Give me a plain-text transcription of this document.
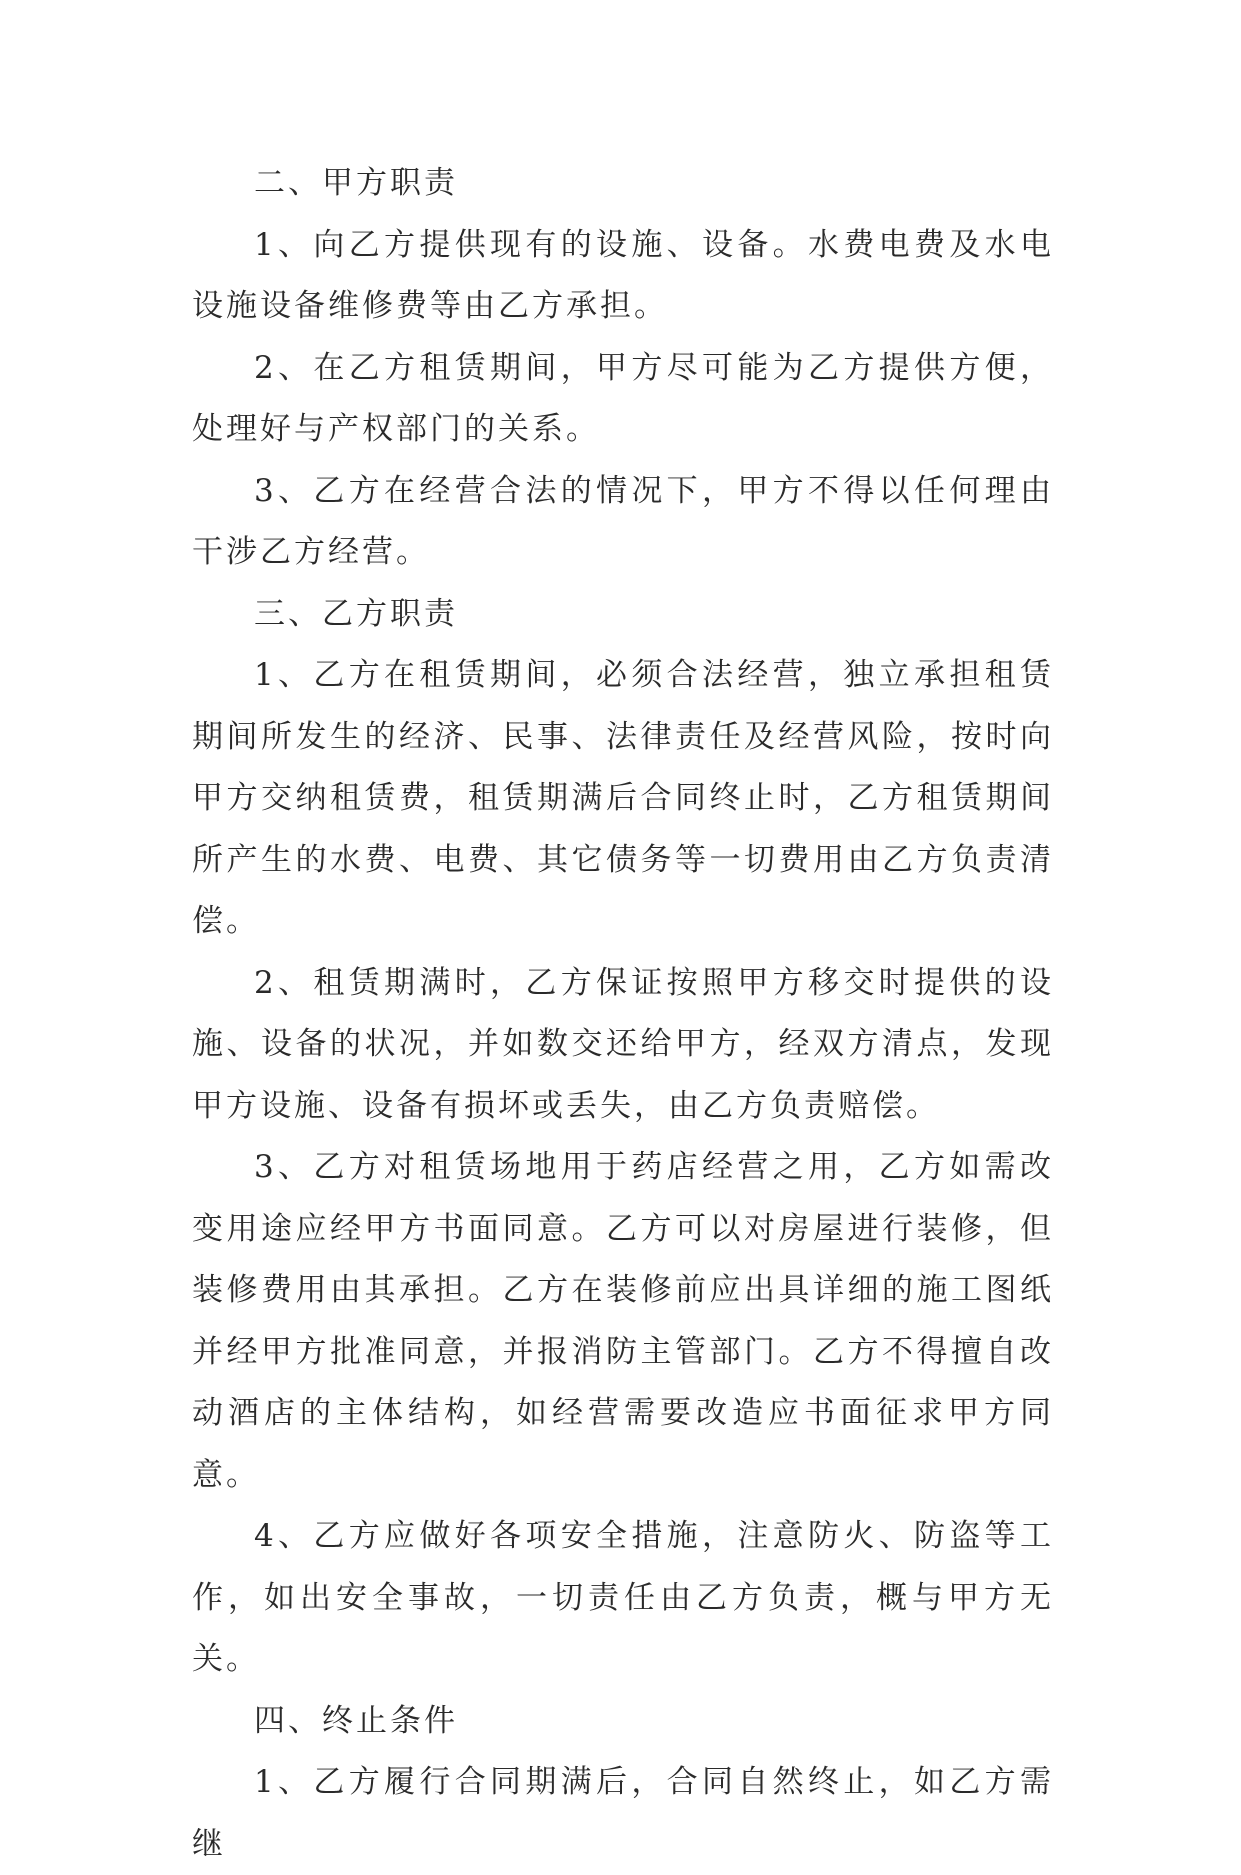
二、甲方职责

1、向乙方提供现有的设施、设备。水费电费及水电设施设备维修费等由乙方承担。

2、在乙方租赁期间，甲方尽可能为乙方提供方便，处理好与产权部门的关系。

3、乙方在经营合法的情况下，甲方不得以任何理由干涉乙方经营。

三、乙方职责

1、乙方在租赁期间，必须合法经营，独立承担租赁期间所发生的经济、民事、法律责任及经营风险，按时向甲方交纳租赁费，租赁期满后合同终止时，乙方租赁期间所产生的水费、电费、其它债务等一切费用由乙方负责清偿。

2、租赁期满时，乙方保证按照甲方移交时提供的设施、设备的状况，并如数交还给甲方，经双方清点，发现甲方设施、设备有损坏或丢失，由乙方负责赔偿。

3、乙方对租赁场地用于药店经营之用，乙方如需改变用途应经甲方书面同意。乙方可以对房屋进行装修，但装修费用由其承担。乙方在装修前应出具详细的施工图纸并经甲方批准同意，并报消防主管部门。乙方不得擅自改动酒店的主体结构，如经营需要改造应书面征求甲方同意。

4、乙方应做好各项安全措施，注意防火、防盗等工作，如出安全事故，一切责任由乙方负责，概与甲方无关。

四、终止条件

1、乙方履行合同期满后，合同自然终止，如乙方需继
